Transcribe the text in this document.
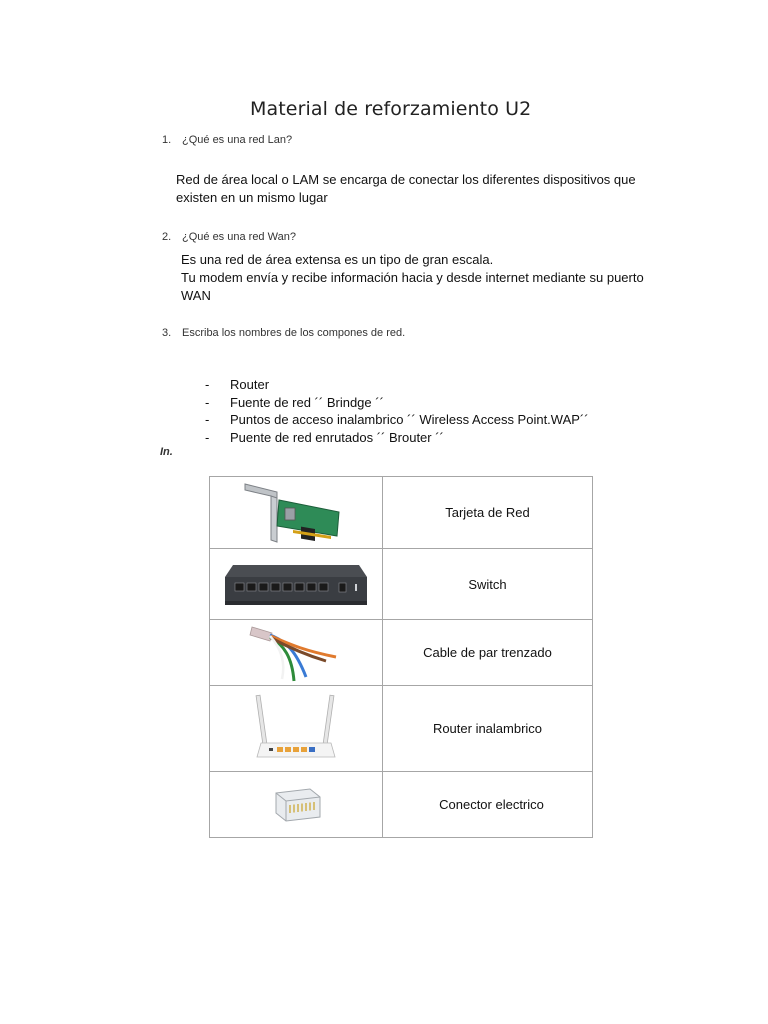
Material de reforzamiento U2
1. ¿Qué es una red Lan?
Red de área local o LAM se encarga de conectar los diferentes dispositivos que
existen en un mismo lugar
2. ¿Qué es una red Wan?
Es una red de área extensa es un tipo de gran escala.
Tu modem envía y recibe información hacia y desde internet mediante su puerto
WAN
3. Escriba los nombres de los compones de red.
- Router
- Fuente de red ´´ Brindge ´´
- Puntos de acceso inalambrico ´´ Wireless Access Point.WAP´´
- Puente de red enrutados ´´ Brouter ´´
In.
	Tarjeta de Red

	Switch

	Cable de par trenzado

	Router inalambrico

	Conector electrico
